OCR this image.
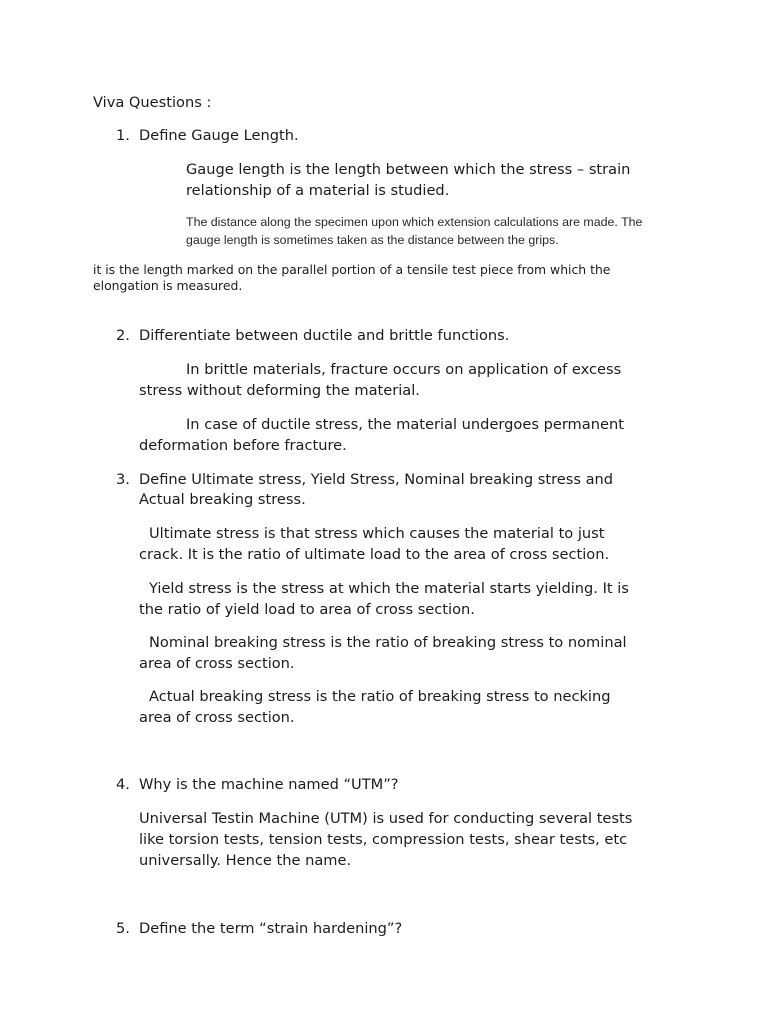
Viva Questions :

1. Define Gauge Length.

Gauge length is the length between which the stress – strain

relationship of a material is studied.

The distance along the specimen upon which extension calculations are made. The

gauge length is sometimes taken as the distance between the grips.

it is the length marked on the parallel portion of a tensile test piece from which the

elongation is measured.

2. Differentiate between ductile and brittle functions.

In brittle materials, fracture occurs on application of excess

stress without deforming the material.

In case of ductile stress, the material undergoes permanent

deformation before fracture.

3. Define Ultimate stress, Yield Stress, Nominal breaking stress and

Actual breaking stress.

Ultimate stress is that stress which causes the material to just

crack. It is the ratio of ultimate load to the area of cross section.

Yield stress is the stress at which the material starts yielding. It is

the ratio of yield load to area of cross section.

Nominal breaking stress is the ratio of breaking stress to nominal

area of cross section.

Actual breaking stress is the ratio of breaking stress to necking

area of cross section.

4. Why is the machine named “UTM”?

Universal Testin Machine (UTM) is used for conducting several tests

like torsion tests, tension tests, compression tests, shear tests, etc

universally. Hence the name.

5. Define the term “strain hardening”?
